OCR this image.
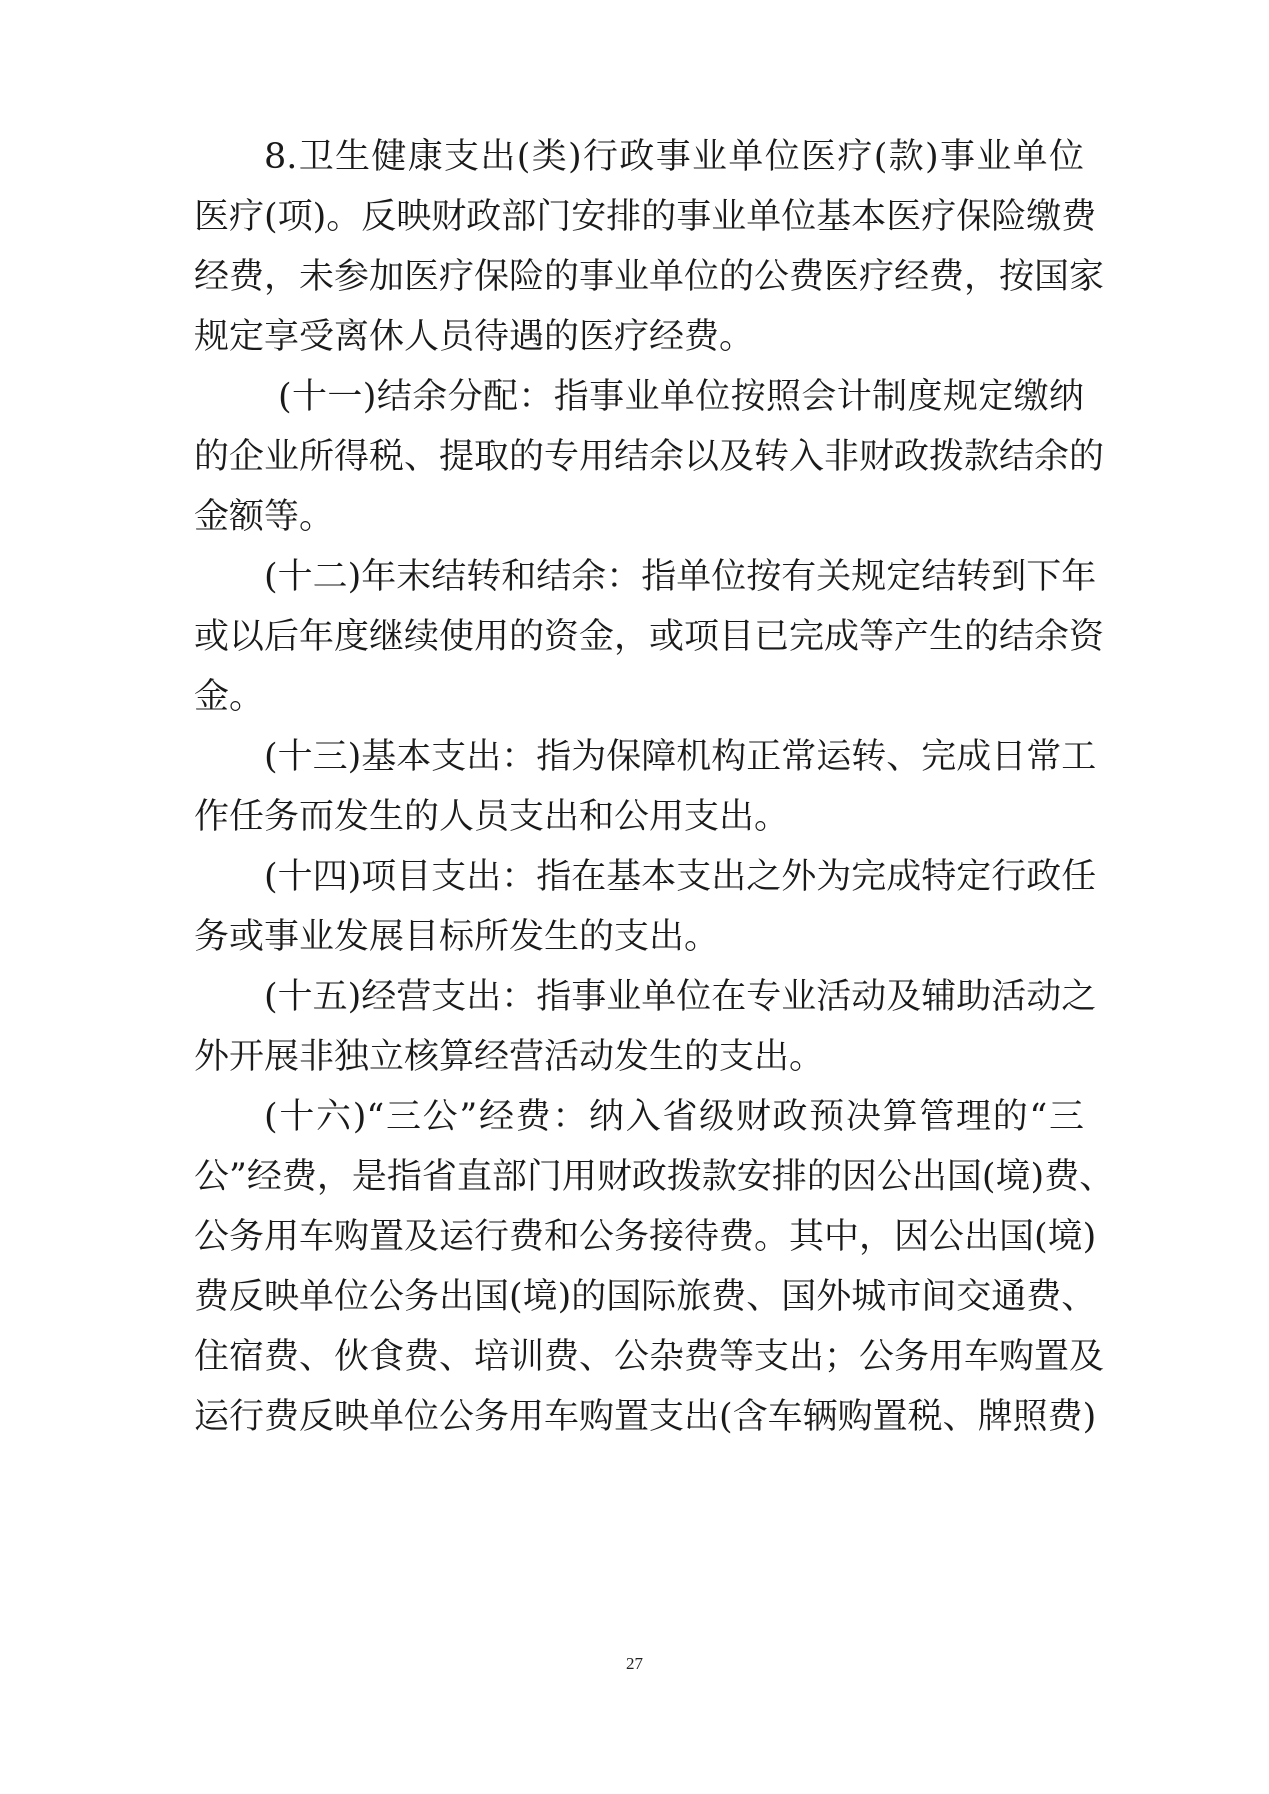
8.卫生健康支出(类)行政事业单位医疗(款)事业单位
医疗(项)。反映财政部门安排的事业单位基本医疗保险缴费
经费，未参加医疗保险的事业单位的公费医疗经费，按国家
规定享受离休人员待遇的医疗经费。
(十一)结余分配：指事业单位按照会计制度规定缴纳
的企业所得税、提取的专用结余以及转入非财政拨款结余的
金额等。
(十二)年末结转和结余：指单位按有关规定结转到下年
或以后年度继续使用的资金，或项目已完成等产生的结余资
金。
(十三)基本支出：指为保障机构正常运转、完成日常工
作任务而发生的人员支出和公用支出。
(十四)项目支出：指在基本支出之外为完成特定行政任
务或事业发展目标所发生的支出。
(十五)经营支出：指事业单位在专业活动及辅助活动之
外开展非独立核算经营活动发生的支出。
(十六)“三公”经费：纳入省级财政预决算管理的“三
公”经费，是指省直部门用财政拨款安排的因公出国(境)费、
公务用车购置及运行费和公务接待费。其中，因公出国(境)
费反映单位公务出国(境)的国际旅费、国外城市间交通费、
住宿费、伙食费、培训费、公杂费等支出；公务用车购置及
运行费反映单位公务用车购置支出(含车辆购置税、牌照费)
27
